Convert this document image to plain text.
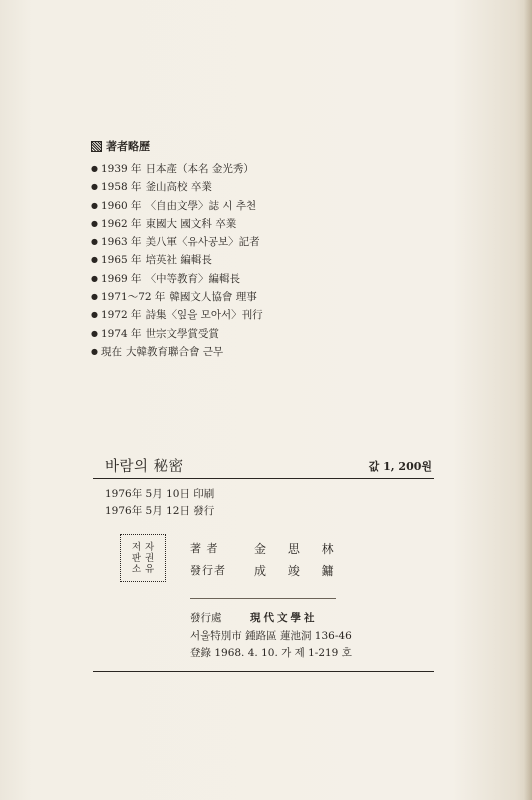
著者略歷
● 1939 年 日本產（本名 金光秀）
● 1958 年 釜山高校 卒業
● 1960 年 〈自由文學〉誌 시 추천
● 1962 年 東國大 國文科 卒業
● 1963 年 美八軍〈유사공보〉記者
● 1965 年 培英社 編輯長
● 1969 年 〈中等教育〉編輯長
● 1971～72 年 韓國文人協會 理事
● 1972 年 詩集〈잎을 모아서〉刊行
● 1974 年 世宗文學賞受賞
● 現在 大韓教育聯合會 근무
바람의 秘密	값 1, 200원
1976年 5月 10日 印刷
1976年 5月 12日 發行
자
권
유
저
판
소
著 者	金 思 林
發行者	成 竣 鏞
發行處	現代文學社
서울特別市 鍾路區 蓮池洞 136-46
登錄 1968. 4. 10. 가 제 1-219 호
